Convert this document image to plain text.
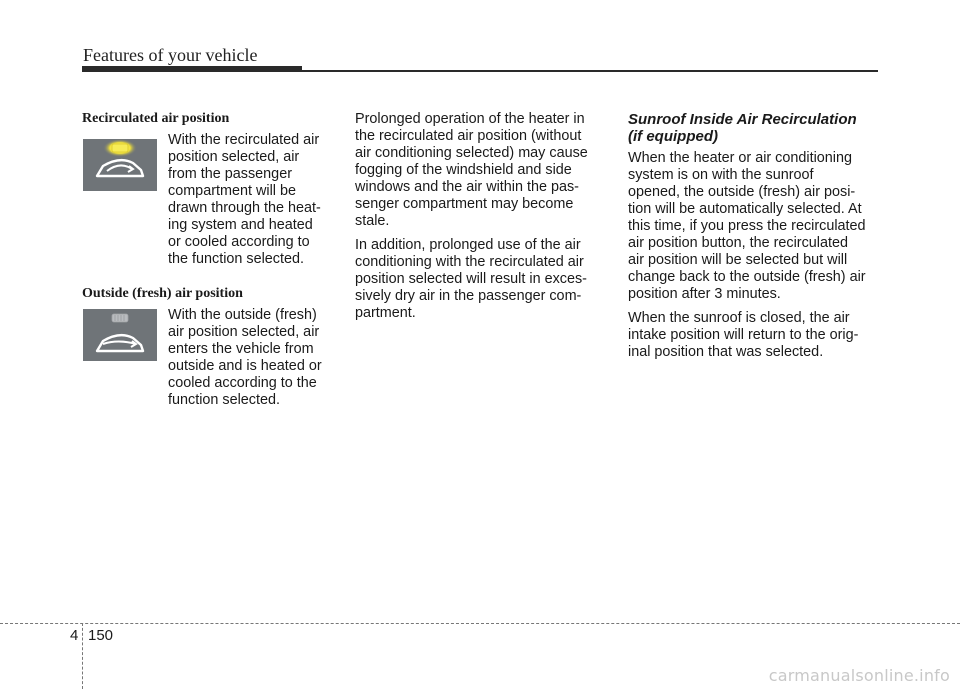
Features of your vehicle
Recirculated air position
With the recirculated air
position selected, air
from the passenger
compartment will be
drawn through the heat-
ing system and heated
or cooled according to
the function selected.
Outside (fresh) air position
With the outside (fresh)
air position selected, air
enters the vehicle from
outside and is heated or
cooled according to the
function selected.

Prolonged operation of the heater in
the recirculated air position (without
air conditioning selected) may cause
fogging of the windshield and side
windows and the air within the pas-
senger compartment may become
stale.

In addition, prolonged use of the air
conditioning with the recirculated air
position selected will result in exces-
sively dry air in the passenger com-
partment.

Sunroof Inside Air Recirculation
(if equipped)

When the heater or air conditioning
system is on with the sunroof
opened, the outside (fresh) air posi-
tion will be automatically selected. At
this time, if you press the recirculated
air position button, the recirculated
air position will be selected but will
change back to the outside (fresh) air
position after 3 minutes.

When the sunroof is closed, the air
intake position will return to the orig-
inal position that was selected.

4 150
carmanualsonline.info
